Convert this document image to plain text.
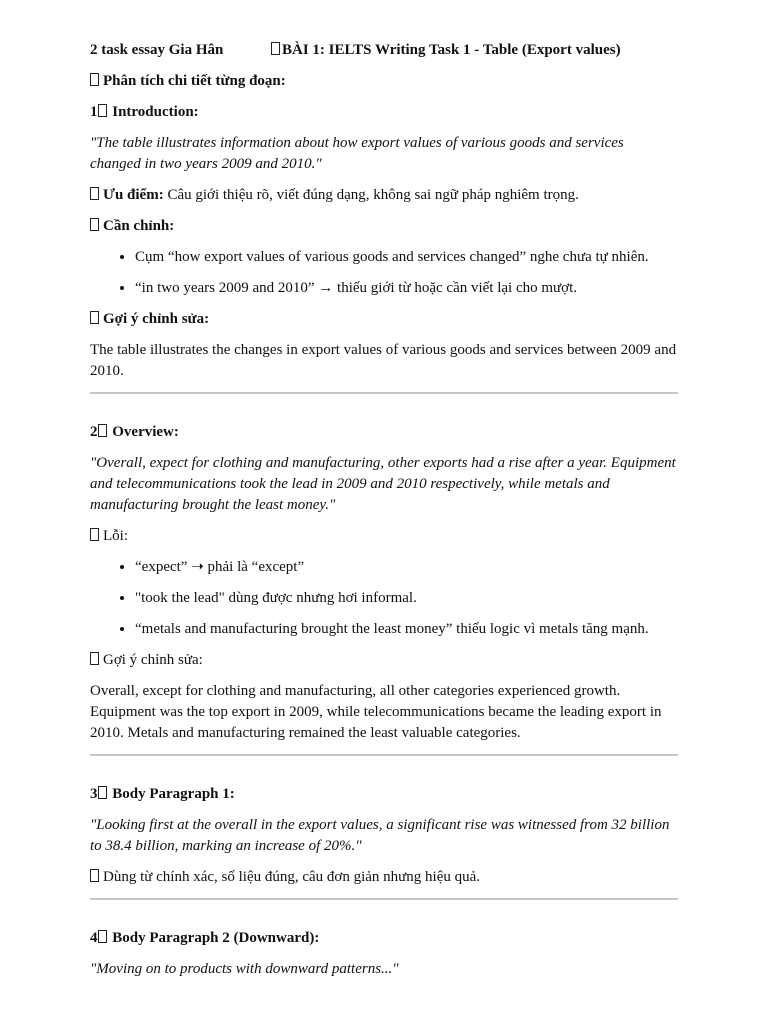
2 task essay Gia Hân	BÀI 1: IELTS Writing Task 1 - Table (Export values)

Phân tích chi tiết từng đoạn:

1 Introduction:

"The table illustrates information about how export values of various goods and services changed in two years 2009 and 2010."

Ưu điểm: Câu giới thiệu rõ, viết đúng dạng, không sai ngữ pháp nghiêm trọng.

Cần chỉnh:

• Cụm “how export values of various goods and services changed” nghe chưa tự nhiên.
• “in two years 2009 and 2010” → thiếu giới từ hoặc cần viết lại cho mượt.

Gợi ý chỉnh sửa:

The table illustrates the changes in export values of various goods and services between 2009 and 2010.

2 Overview:

"Overall, expect for clothing and manufacturing, other exports had a rise after a year. Equipment and telecommunications took the lead in 2009 and 2010 respectively, while metals and manufacturing brought the least money."

Lỗi:

• “expect” ➝ phải là “except”
• "took the lead" dùng được nhưng hơi informal.
• “metals and manufacturing brought the least money” thiếu logic vì metals tăng mạnh.

Gợi ý chỉnh sửa:

Overall, except for clothing and manufacturing, all other categories experienced growth. Equipment was the top export in 2009, while telecommunications became the leading export in 2010. Metals and manufacturing remained the least valuable categories.

3 Body Paragraph 1:

"Looking first at the overall in the export values, a significant rise was witnessed from 32 billion to 38.4 billion, marking an increase of 20%."

Dùng từ chính xác, số liệu đúng, câu đơn giản nhưng hiệu quả.

4 Body Paragraph 2 (Downward):

"Moving on to products with downward patterns..."
